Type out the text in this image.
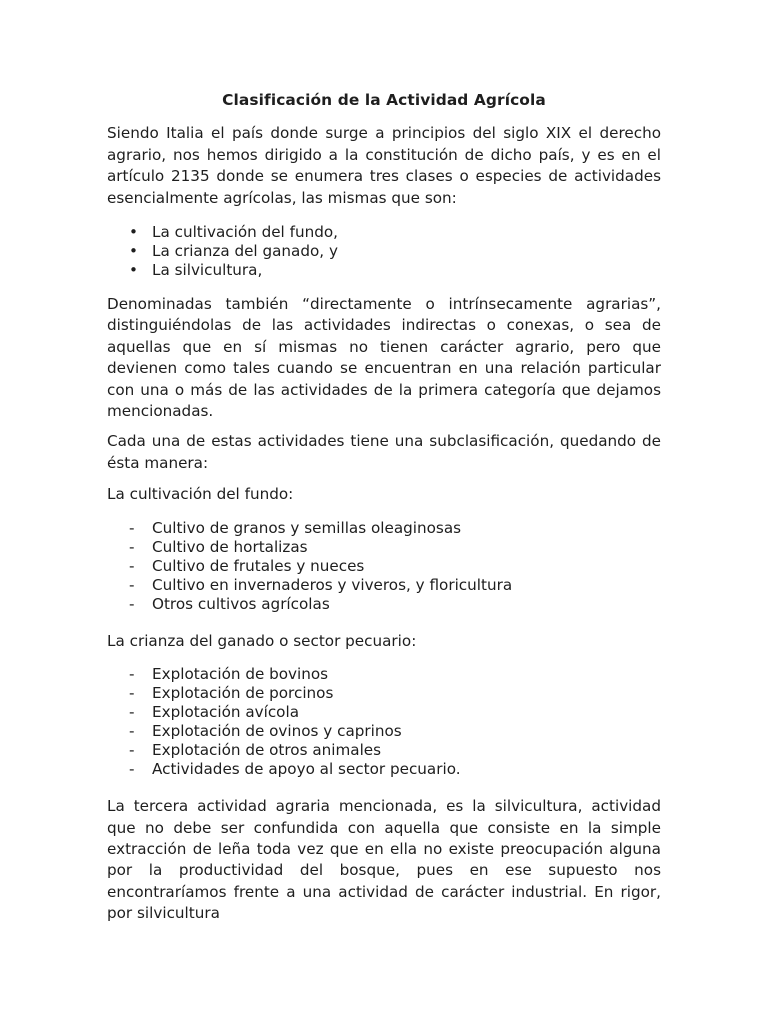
Clasificación de la Actividad Agrícola

Siendo Italia el país donde surge a principios del siglo XIX el derecho agrario, nos hemos dirigido a la constitución de dicho país, y es en el artículo 2135 donde se enumera tres clases o especies de actividades esencialmente agrícolas, las mismas que son:

• La cultivación del fundo,
• La crianza del ganado, y
• La silvicultura,

Denominadas también “directamente o intrínsecamente agrarias”, distinguiéndolas de las actividades indirectas o conexas, o sea de aquellas que en sí mismas no tienen carácter agrario, pero que devienen como tales cuando se encuentran en una relación particular con una o más de las actividades de la primera categoría que dejamos mencionadas.

Cada una de estas actividades tiene una subclasificación, quedando de ésta manera:

La cultivación del fundo:

- Cultivo de granos y semillas oleaginosas
- Cultivo de hortalizas
- Cultivo de frutales y nueces
- Cultivo en invernaderos y viveros, y floricultura
- Otros cultivos agrícolas

La crianza del ganado o sector pecuario:

- Explotación de bovinos
- Explotación de porcinos
- Explotación avícola
- Explotación de ovinos y caprinos
- Explotación de otros animales
- Actividades de apoyo al sector pecuario.

La tercera actividad agraria mencionada, es la silvicultura, actividad que no debe ser confundida con aquella que consiste en la simple extracción de leña toda vez que en ella no existe preocupación alguna por la productividad del bosque, pues en ese supuesto nos encontraríamos frente a una actividad de carácter industrial. En rigor, por silvicultura
